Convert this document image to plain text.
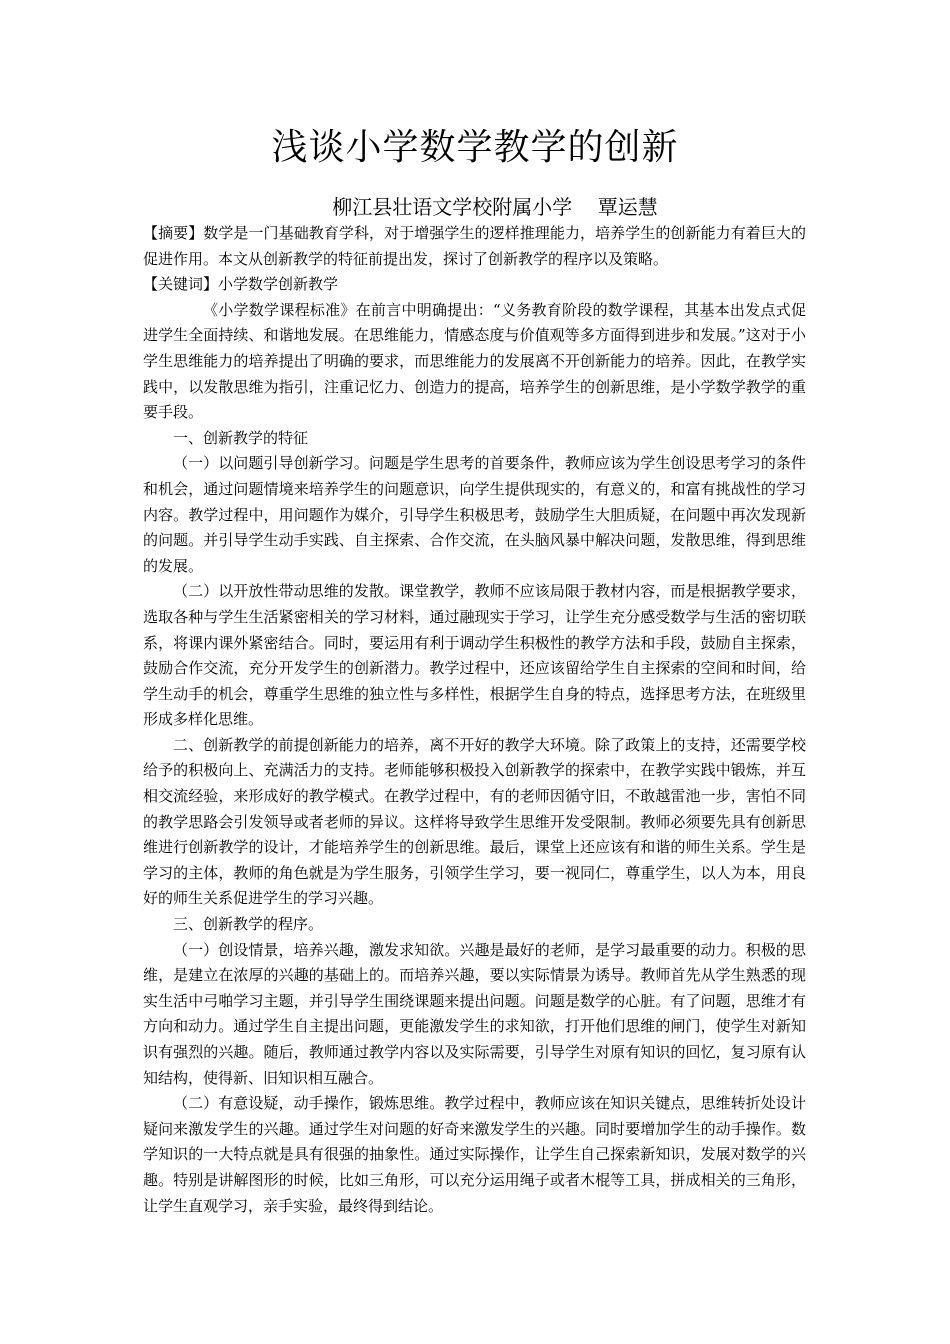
浅谈小学数学教学的创新
柳江县壮语文学校附属小学    覃运慧

【摘要】数学是一门基础教育学科，对于增强学生的逻样推理能力，培养学生的创新能力有着巨大的促进作用。本文从创新教学的特征前提出发，探讨了创新教学的程序以及策略。

【关键词】小学数学创新教学

《小学数学课程标准》在前言中明确提出：“义务教育阶段的数学课程，其基本出发点式促进学生全面持续、和谐地发展。在思维能力，情感态度与价值观等多方面得到进步和发展。”这对于小学生思维能力的培养提出了明确的要求，而思维能力的发展离不开创新能力的培养。因此，在教学实践中，以发散思维为指引，注重记忆力、创造力的提高，培养学生的创新思维，是小学数学教学的重要手段。

一、创新教学的特征

（一）以问题引导创新学习。问题是学生思考的首要条件，教师应该为学生创设思考学习的条件和机会，通过问题情境来培养学生的问题意识，向学生提供现实的，有意义的，和富有挑战性的学习内容。教学过程中，用问题作为媒介，引导学生积极思考，鼓励学生大胆质疑，在问题中再次发现新的问题。并引导学生动手实践、自主探索、合作交流，在头脑风暴中解决问题，发散思维，得到思维的发展。

（二）以开放性带动思维的发散。课堂教学，教师不应该局限于教材内容，而是根据教学要求，选取各种与学生生活紧密相关的学习材料，通过融现实于学习，让学生充分感受数学与生活的密切联系，将课内课外紧密结合。同时，要运用有利于调动学生积极性的教学方法和手段，鼓励自主探索，鼓励合作交流，充分开发学生的创新潜力。教学过程中，还应该留给学生自主探索的空间和时间，给学生动手的机会，尊重学生思维的独立性与多样性，根据学生自身的特点，选择思考方法，在班级里形成多样化思维。

二、创新教学的前提创新能力的培养，离不开好的教学大环境。除了政策上的支持，还需要学校给予的积极向上、充满活力的支持。老师能够积极投入创新教学的探索中，在教学实践中锻炼，并互相交流经验，来形成好的教学模式。在教学过程中，有的老师因循守旧，不敢越雷池一步，害怕不同的教学思路会引发领导或者老师的异议。这样将导致学生思维开发受限制。教师必须要先具有创新思维进行创新教学的设计，才能培养学生的创新思维。最后，课堂上还应该有和谐的师生关系。学生是学习的主体，教师的角色就是为学生服务，引领学生学习，要一视同仁，尊重学生，以人为本，用良好的师生关系促进学生的学习兴趣。

三、创新教学的程序。

（一）创设情景，培养兴趣，激发求知欲。兴趣是最好的老师，是学习最重要的动力。积极的思维，是建立在浓厚的兴趣的基础上的。而培养兴趣，要以实际情景为诱导。教师首先从学生熟悉的现实生活中弓啪学习主题，并引导学生围绕课题来提出问题。问题是数学的心脏。有了问题，思维才有方向和动力。通过学生自主提出问题，更能激发学生的求知欲，打开他们思维的闸门，使学生对新知识有强烈的兴趣。随后，教师通过教学内容以及实际需要，引导学生对原有知识的回忆，复习原有认知结构，使得新、旧知识相互融合。

（二）有意设疑，动手操作，锻炼思维。教学过程中，教师应该在知识关键点，思维转折处设计疑问来激发学生的兴趣。通过学生对问题的好奇来激发学生的兴趣。同时要增加学生的动手操作。数学知识的一大特点就是具有很强的抽象性。通过实际操作，让学生自己探索新知识，发展对数学的兴趣。特别是讲解图形的时候，比如三角形，可以充分运用绳子或者木棍等工具，拼成相关的三角形，让学生直观学习，亲手实验，最终得到结论。
